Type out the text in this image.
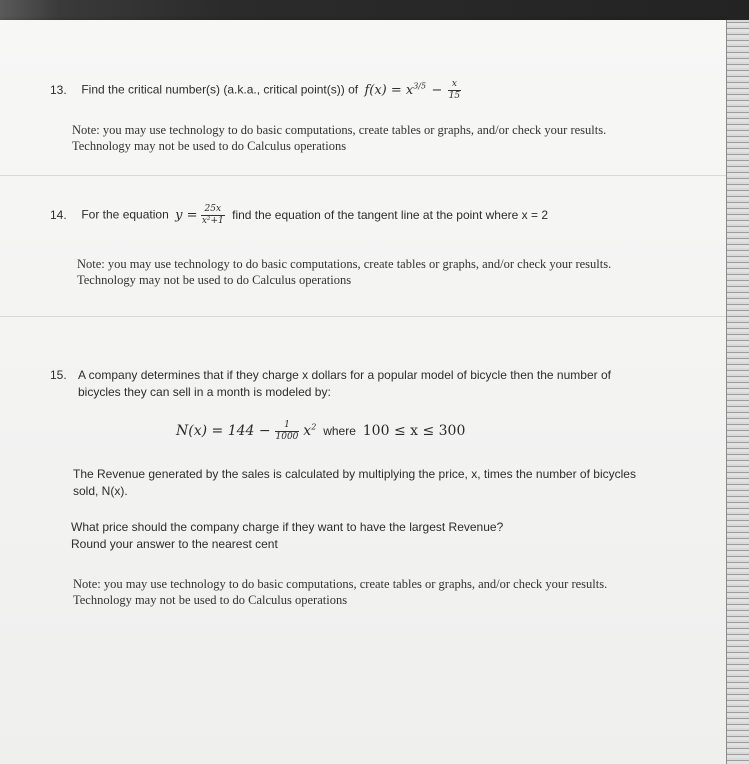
13. Find the critical number(s) (a.k.a., critical point(s)) of $f(x) = x^{3/5} - \frac{x}{15}$
Note: you may use technology to do basic computations, create tables or graphs, and/or check your results.
Technology may not be used to do Calculus operations
14. For the equation $y = \frac{25x}{\text{x²+1}}$ find the equation of the tangent line at the point where x = 2
Note: you may use technology to do basic computations, create tables or graphs, and/or check your results.
Technology may not be used to do Calculus operations
15. A company determines that if they charge x dollars for a popular model of bicycle then the number of
bicycles they can sell in a month is modeled by:
$N(x) = 144 - \frac{1}{1000} x^2$ where 100 ≤ x ≤ 300
The Revenue generated by the sales is calculated by multiplying the price, x, times the number of bicycles
sold, N(x).
What price should the company charge if they want to have the largest Revenue?
Round your answer to the nearest cent
Note: you may use technology to do basic computations, create tables or graphs, and/or check your results.
Technology may not be used to do Calculus operations
